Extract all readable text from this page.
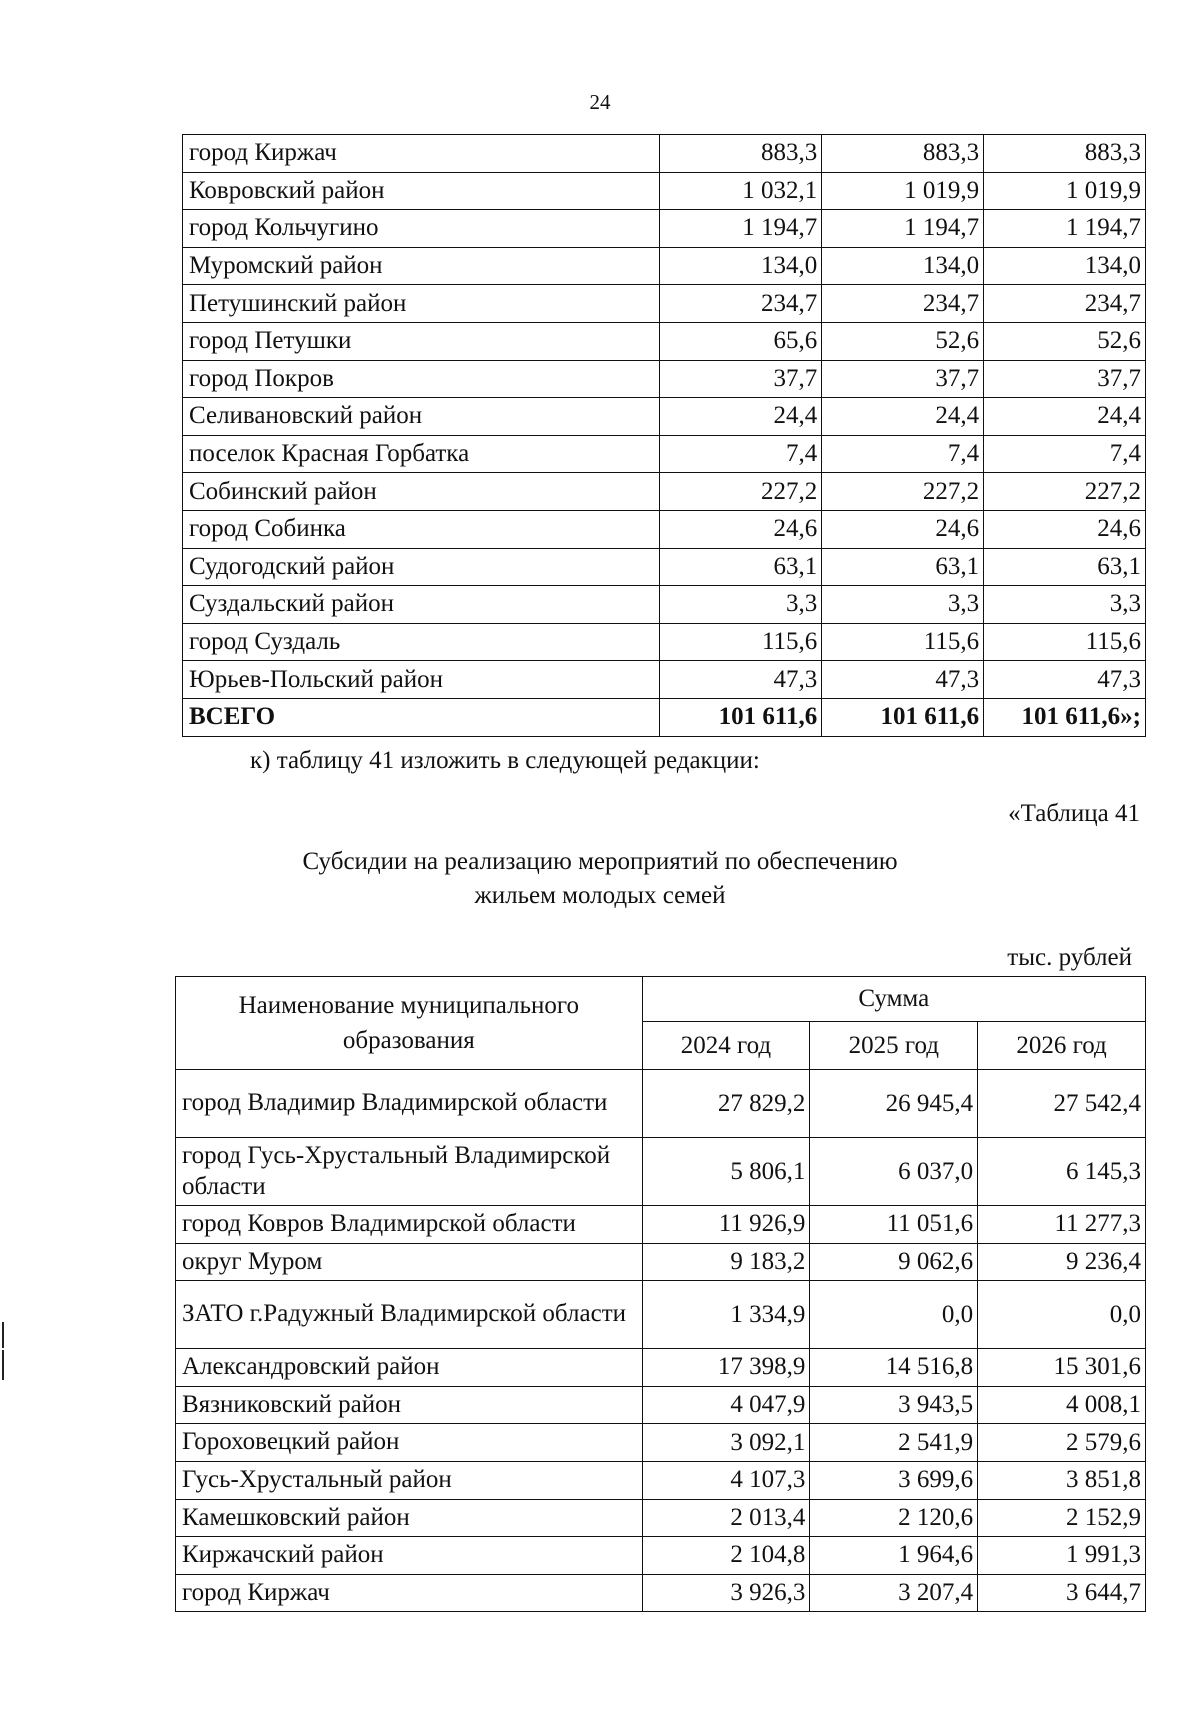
24
город Киржач	883,3	883,3	883,3
Ковровский район	1 032,1	1 019,9	1 019,9
город Кольчугино	1 194,7	1 194,7	1 194,7
Муромский район	134,0	134,0	134,0
Петушинский район	234,7	234,7	234,7
город Петушки	65,6	52,6	52,6
город Покров	37,7	37,7	37,7
Селивановский район	24,4	24,4	24,4
поселок Красная Горбатка	7,4	7,4	7,4
Собинский район	227,2	227,2	227,2
город Собинка	24,6	24,6	24,6
Судогодский район	63,1	63,1	63,1
Суздальский район	3,3	3,3	3,3
город Суздаль	115,6	115,6	115,6
Юрьев-Польский район	47,3	47,3	47,3
ВСЕГО	101 611,6	101 611,6	101 611,6»;
к) таблицу 41 изложить в следующей редакции:
«Таблица 41
Субсидии на реализацию мероприятий по обеспечению
жильем молодых семей
тыс. рублей
Наименование муниципального образования	Сумма		
	2024 год	2025 год	2026 год
город Владимир Владимирской области	27 829,2	26 945,4	27 542,4
город Гусь-Хрустальный Владимирской области	5 806,1	6 037,0	6 145,3
город Ковров Владимирской области	11 926,9	11 051,6	11 277,3
округ Муром	9 183,2	9 062,6	9 236,4
ЗАТО г.Радужный Владимирской области	1 334,9	0,0	0,0
Александровский район	17 398,9	14 516,8	15 301,6
Вязниковский район	4 047,9	3 943,5	4 008,1
Гороховецкий район	3 092,1	2 541,9	2 579,6
Гусь-Хрустальный район	4 107,3	3 699,6	3 851,8
Камешковский район	2 013,4	2 120,6	2 152,9
Киржачский район	2 104,8	1 964,6	1 991,3
город Киржач	3 926,3	3 207,4	3 644,7
